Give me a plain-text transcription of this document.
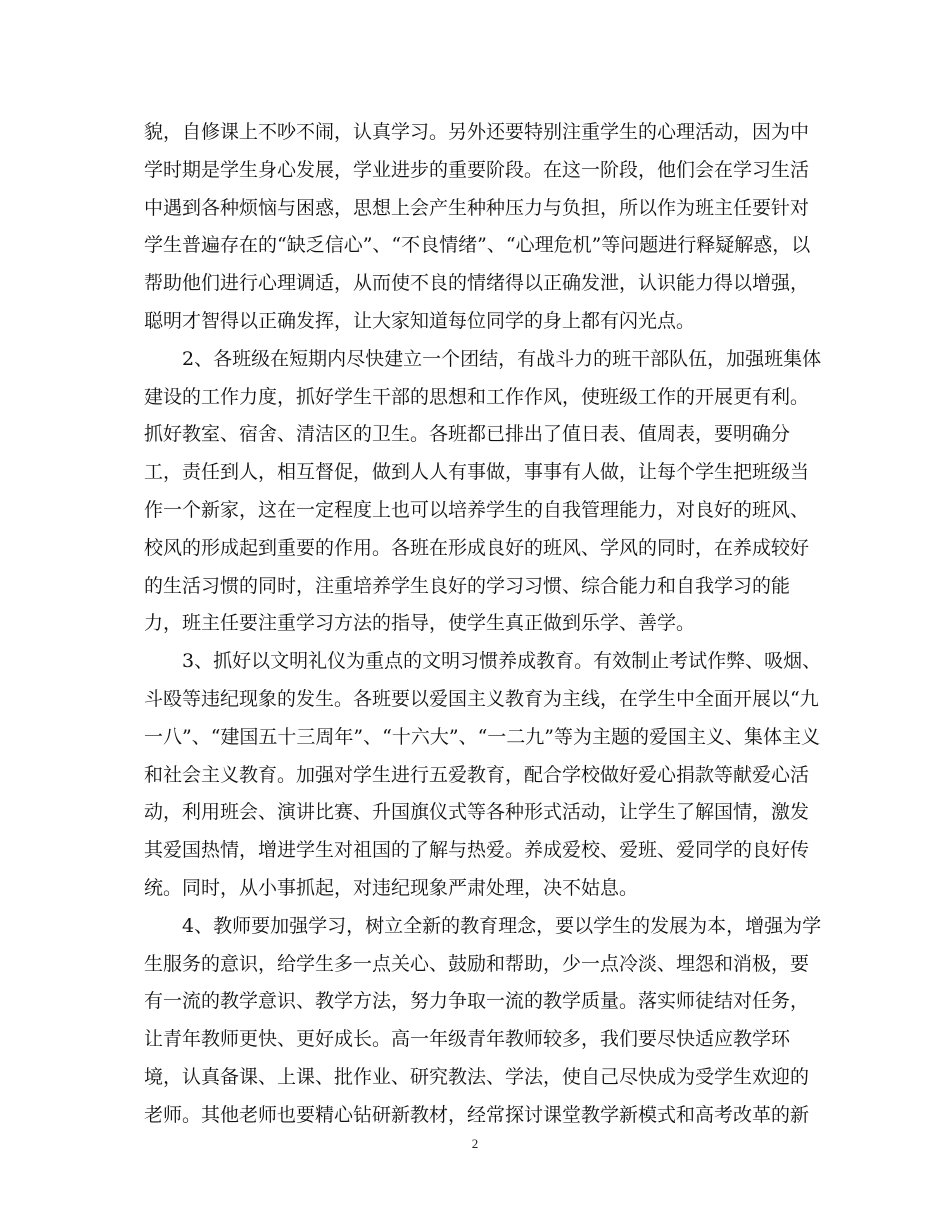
貌，自修课上不吵不闹，认真学习。另外还要特别注重学生的心理活动，因为中
学时期是学生身心发展，学业进步的重要阶段。在这一阶段，他们会在学习生活
中遇到各种烦恼与困惑，思想上会产生种种压力与负担，所以作为班主任要针对
学生普遍存在的“缺乏信心”、“不良情绪”、“心理危机”等问题进行释疑解惑，以
帮助他们进行心理调适，从而使不良的情绪得以正确发泄，认识能力得以增强，
聪明才智得以正确发挥，让大家知道每位同学的身上都有闪光点。
2、各班级在短期内尽快建立一个团结，有战斗力的班干部队伍，加强班集体
建设的工作力度，抓好学生干部的思想和工作作风，使班级工作的开展更有利。
抓好教室、宿舍、清洁区的卫生。各班都已排出了值日表、值周表，要明确分
工，责任到人，相互督促，做到人人有事做，事事有人做，让每个学生把班级当
作一个新家，这在一定程度上也可以培养学生的自我管理能力，对良好的班风、
校风的形成起到重要的作用。各班在形成良好的班风、学风的同时，在养成较好
的生活习惯的同时，注重培养学生良好的学习习惯、综合能力和自我学习的能
力，班主任要注重学习方法的指导，使学生真正做到乐学、善学。
3、抓好以文明礼仪为重点的文明习惯养成教育。有效制止考试作弊、吸烟、
斗殴等违纪现象的发生。各班要以爱国主义教育为主线，在学生中全面开展以“九
一八”、“建国五十三周年”、“十六大”、“一二九”等为主题的爱国主义、集体主义
和社会主义教育。加强对学生进行五爱教育，配合学校做好爱心捐款等献爱心活
动，利用班会、演讲比赛、升国旗仪式等各种形式活动，让学生了解国情，激发
其爱国热情，增进学生对祖国的了解与热爱。养成爱校、爱班、爱同学的良好传
统。同时，从小事抓起，对违纪现象严肃处理，决不姑息。
4、教师要加强学习，树立全新的教育理念，要以学生的发展为本，增强为学
生服务的意识，给学生多一点关心、鼓励和帮助，少一点冷淡、埋怨和消极，要
有一流的教学意识、教学方法，努力争取一流的教学质量。落实师徒结对任务，
让青年教师更快、更好成长。高一年级青年教师较多，我们要尽快适应教学环
境，认真备课、上课、批作业、研究教法、学法，使自己尽快成为受学生欢迎的
老师。其他老师也要精心钻研新教材，经常探讨课堂教学新模式和高考改革的新
2
